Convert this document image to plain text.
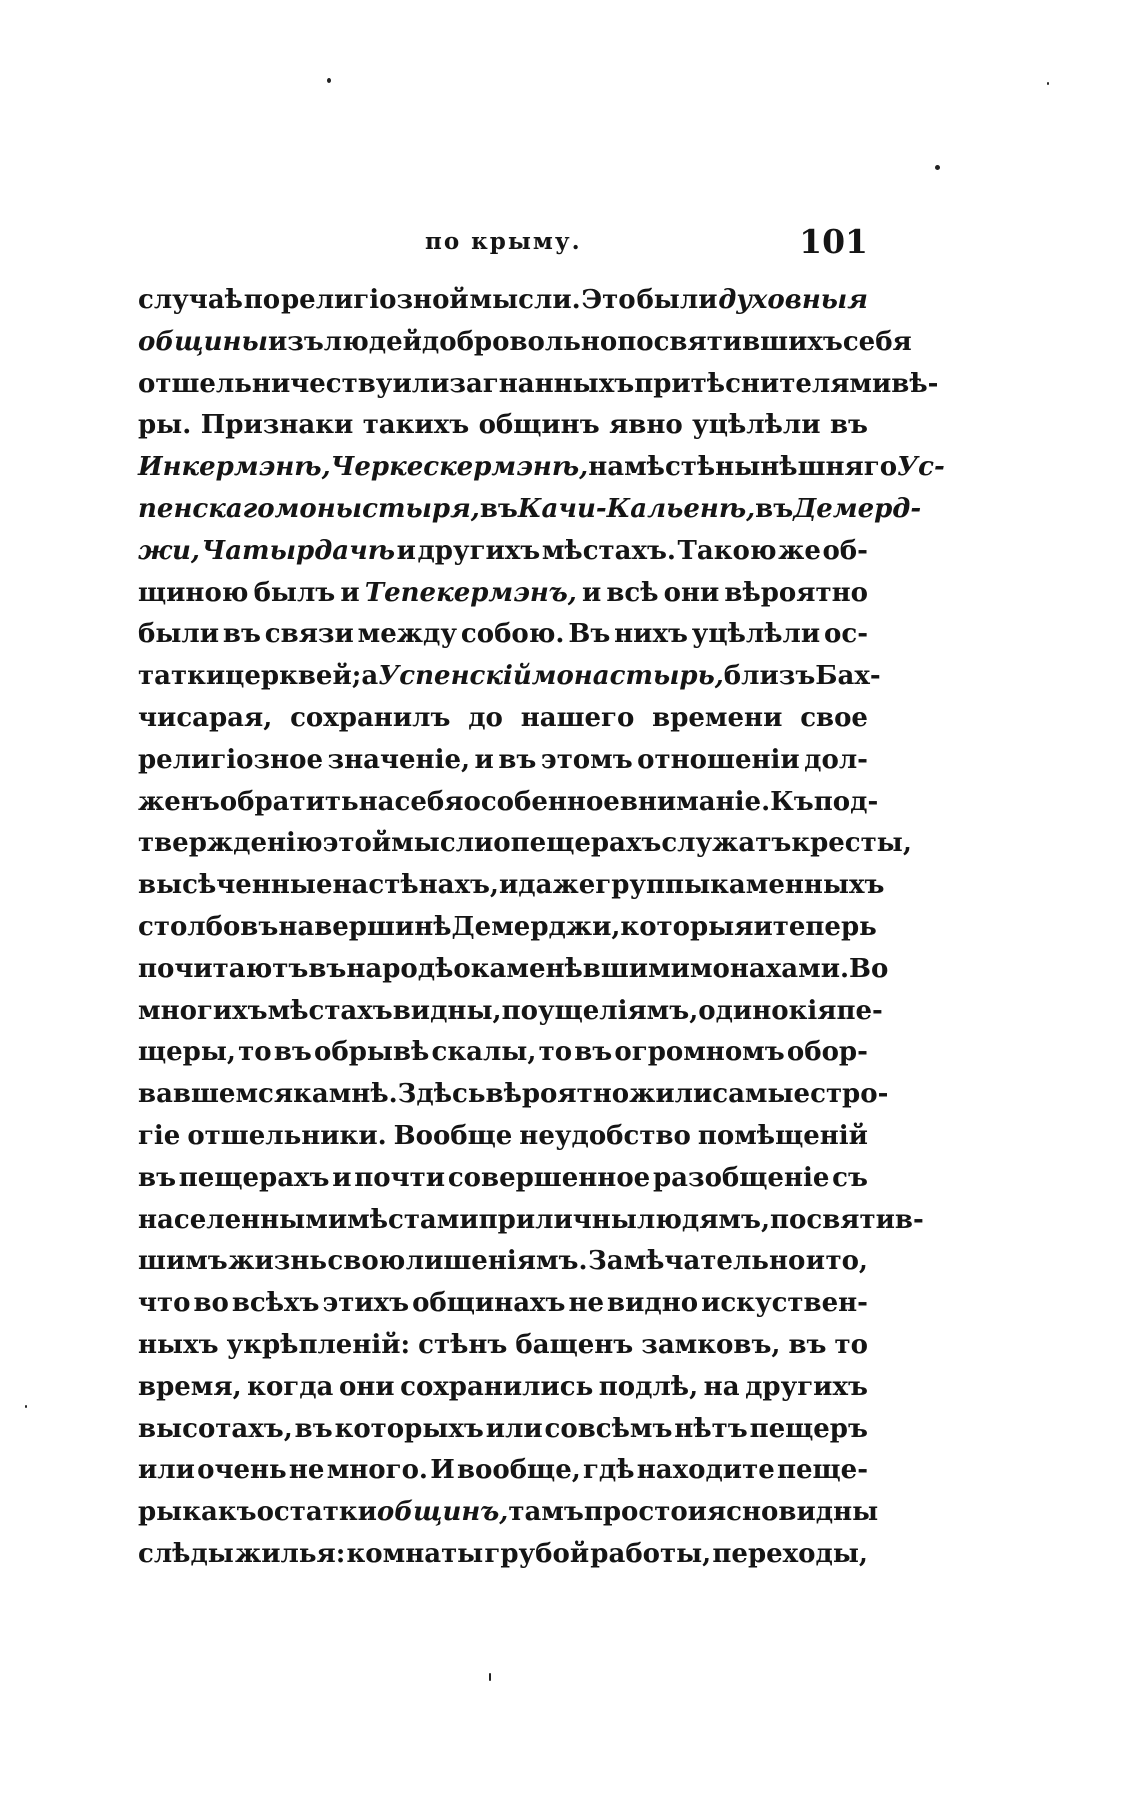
по крыму.	101
случаѣ по религіозной мысли. Это были духовныя
общины изъ людей добровольно посвятившихъ себя
отшельничеству или загнанныхъ притѣснителями вѣ-
ры. Признаки такихъ общинъ явно уцѣлѣли въ
Инкермэнѣ, Черкескермэнѣ, на мѣстѣ нынѣшняго Ус-
пенскаго моныстыря, въ Качи-Кальенѣ, въ Демерд-
жи, Чатырдачѣ и другихъ мѣстахъ. Такою же об-
щиною былъ и Тепекермэнъ, и всѣ они вѣроятно
были въ связи между собою. Въ нихъ уцѣлѣли ос-
татки церквей; а Успенскій монастырь, близъ Бах-
чисарая, сохранилъ до нашего времени свое
религіозное значеніе, и въ этомъ отношеніи дол-
женъ обратить на себя особенное вниманіе. Къ под-
твержденію этой мысли о пещерахъ служатъ кресты,
высѣченные на стѣнахъ, и даже группы каменныхъ
столбовъ на вершинѣ Демерджи, которыя и теперь
почитаютъ въ народѣ окаменѣвшими монахами. Во
многихъ мѣстахъ видны, по ущеліямъ, одинокія пе-
щеры, то въ обрывѣ скалы, то въ огромномъ обор-
вавшемся камнѣ. Здѣсь вѣроятно жили самые стро-
гіе отшельники. Вообще неудобство помѣщеній
въ пещерахъ и почти совершенное разобщеніе съ
населенными мѣстами приличны людямъ, посвятив-
шимъ жизнь свою лишеніямъ. Замѣчательно и то,
что во всѣхъ этихъ общинахъ не видно искуствен-
ныхъ укрѣпленій: стѣнъ бащенъ замковъ, въ то
время, когда они сохранились подлѣ, на другихъ
высотахъ, въ которыхъ или совсѣмъ нѣтъ пещеръ
или очень не много. И вообще, гдѣ находите пеще-
ры какъ остатки общинъ, тамъ просто и ясно видны
слѣды жилья: комнаты грубой работы, переходы,
